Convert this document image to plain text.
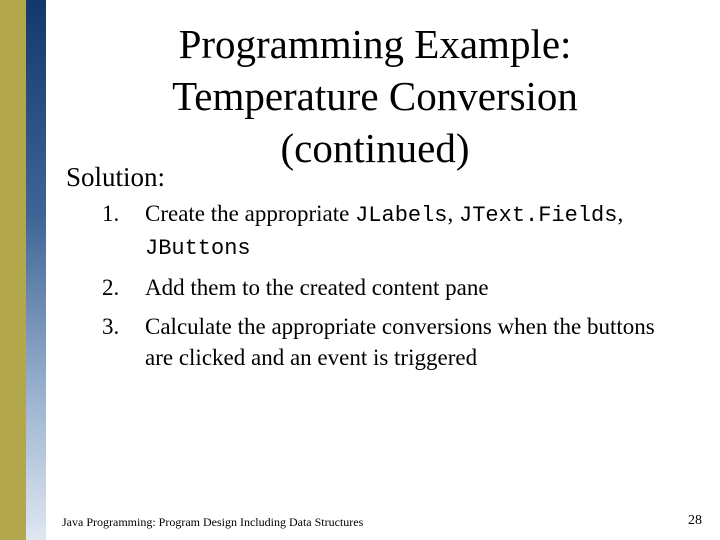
Programming Example:
Temperature Conversion
(continued)
Solution:
1. Create the appropriate JLabels, JText.Fields, JButtons
2. Add them to the created content pane
3. Calculate the appropriate conversions when the buttons are clicked and an event is triggered
Java Programming: Program Design Including Data Structures	28
